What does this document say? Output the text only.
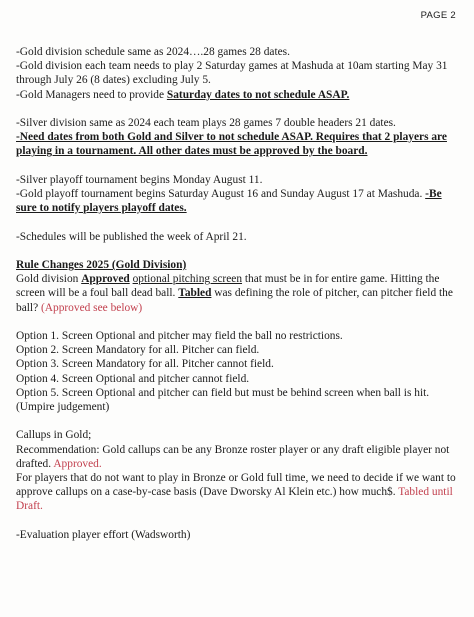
PAGE 2

-Gold division schedule same as 2024….28 games 28 dates.

-Gold division each team needs to play 2 Saturday games at Mashuda at 10am starting May 31 through July 26 (8 dates) excluding July 5.

-Gold Managers need to provide Saturday dates to not schedule ASAP.

-Silver division same as 2024 each team plays 28 games 7 double headers 21 dates.

-Need dates from both Gold and Silver to not schedule ASAP. Requires that 2 players are playing in a tournament. All other dates must be approved by the board.

-Silver playoff tournament begins Monday August 11.

-Gold playoff tournament begins Saturday August 16 and Sunday August 17 at Mashuda. -Be sure to notify players playoff dates.

-Schedules will be published the week of April 21.

Rule Changes 2025 (Gold Division)

Gold division Approved optional pitching screen that must be in for entire game. Hitting the screen will be a foul ball dead ball. Tabled was defining the role of pitcher, can pitcher field the ball? (Approved see below)

Option 1. Screen Optional and pitcher may field the ball no restrictions.

Option 2. Screen Mandatory for all. Pitcher can field.

Option 3. Screen Mandatory for all. Pitcher cannot field.

Option 4. Screen Optional and pitcher cannot field.

Option 5. Screen Optional and pitcher can field but must be behind screen when ball is hit. (Umpire judgement)

Callups in Gold;

Recommendation: Gold callups can be any Bronze roster player or any draft eligible player not drafted. Approved.

For players that do not want to play in Bronze or Gold full time, we need to decide if we want to approve callups on a case-by-case basis (Dave Dworsky Al Klein etc.) how much$. Tabled until Draft.

-Evaluation player effort (Wadsworth)
